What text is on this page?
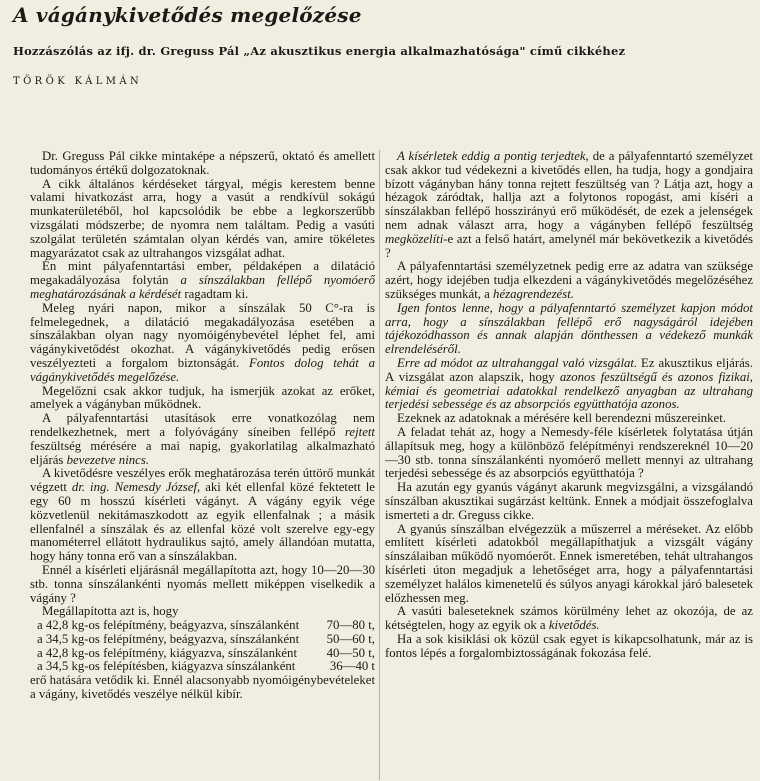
A vágánykivetődés megelőzése
Hozzászólás az ifj. dr. Greguss Pál „Az akusztikus energia alkalmazhatósága" című cikkéhez
TÖRÖK KÁLMÁN

Dr. Greguss Pál cikke mintaképe a népszerű, oktató és amellett tudományos értékű dolgozatoknak.

A cikk általános kérdéseket tárgyal, mégis kerestem benne valami hivatkozást arra, hogy a vasút a rendkívül sokágú munkaterületéből, hol kapcsolódik be ebbe a legkorszerűbb vizsgálati módszerbe; de nyomra nem találtam. Pedig a vasúti szolgálat területén számtalan olyan kérdés van, amire tökéletes magyarázatot csak az ultrahangos vizsgálat adhat.

Én mint pályafenntartási ember, példaképen a dilatáció megakadályozása folytán a sínszálakban fellépő nyomóerő meghatározásának a kérdését ragadtam ki.

Meleg nyári napon, mikor a sínszálak 50 C°-ra is felmelegednek, a dilatáció megakadályozása esetében a sínszálakban olyan nagy nyomóigénybevétel léphet fel, ami vágánykivetődést okozhat. A vágánykivetődés pedig erősen veszélyezteti a forgalom biztonságát. Fontos dolog tehát a vágánykivetődés megelőzése.

Megelőzni csak akkor tudjuk, ha ismerjük azokat az erőket, amelyek a vágányban működnek.

A pályafenntartási utasítások erre vonatkozólag nem rendelkezhetnek, mert a folyóvágány síneiben fellépő rejtett feszültség mérésére a mai napig, gyakorlatilag alkalmazható eljárás bevezetve nincs.

A kivetődésre veszélyes erők meghatározása terén úttörő munkát végzett dr. ing. Nemesdy József, aki két ellenfal közé fektetett le egy 60 m hosszú kísérleti vágányt. A vágány egyik vége közvetlenül nekitámaszkodott az egyik ellenfalnak ; a másik ellenfalnél a sínszálak és az ellenfal közé volt szerelve egy-egy manométerrel ellátott hydraulikus sajtó, amely állandóan mutatta, hogy hány tonna erő van a sínszálakban.

Ennél a kísérleti eljárásnál megállapította azt, hogy 10—20—30 stb. tonna sínszálankénti nyomás mellett miképpen viselkedik a vágány ?

Megállapította azt is, hogy

a 42,8 kg-os felépítmény, beágyazva, sínszálanként	70—80 t,
a 34,5 kg-os felépítmény, beágyazva, sínszálanként	50—60 t,
a 42,8 kg-os felépítmény, kiágyazva, sínszálanként	40—50 t,
a 34,5 kg-os felépítésben, kiágyazva sínszálanként	36—40 t

erő hatására vetődik ki. Ennél alacsonyabb nyomóigénybevételeket a vágány, kivetődés veszélye nélkül kibír.

A kísérletek eddig a pontig terjedtek, de a pályafenntartó személyzet csak akkor tud védekezni a kivetődés ellen, ha tudja, hogy a gondjaira bízott vágányban hány tonna rejtett feszültség van ? Látja azt, hogy a hézagok záródtak, hallja azt a folytonos ropogást, ami kíséri a sínszálakban fellépő hosszirányú erő működését, de ezek a jelenségek nem adnak választ arra, hogy a vágányben fellépő feszültség megközelíti-e azt a felső határt, amelynél már bekövetkezik a kivetődés ?

A pályafenntartási személyzetnek pedig erre az adatra van szüksége azért, hogy idejében tudja elkezdeni a vágánykivetődés megelőzéséhez szükséges munkát, a hézagrendezést.

Igen fontos lenne, hogy a pályafenntartó személyzet kapjon módot arra, hogy a sínszálakban fellépő erő nagyságáról idejében tájékozódhasson és annak alapján dönthessen a védekező munkák elrendeléséről.

Erre ad módot az ultrahanggal való vizsgálat. Ez akusztikus eljárás. A vizsgálat azon alapszik, hogy azonos feszültségű és azonos fizikai, kémiai és geometriai adatokkal rendelkező anyagban az ultrahang terjedési sebessége és az absorpciós együtthatója azonos.

Ezeknek az adatoknak a mérésére kell berendezni műszereinket.

A feladat tehát az, hogy a Nemesdy-féle kísérletek folytatása útján állapítsuk meg, hogy a különböző felépítményi rendszereknél 10—20—30 stb. tonna sínszálankénti nyomóerő mellett mennyi az ultrahang terjedési sebessége és az absorpciós együtthatója ?

Ha azután egy gyanús vágányt akarunk megvizsgálni, a vizsgálandó sínszálban akusztikai sugárzást keltünk. Ennek a módjait összefoglalva ismerteti a dr. Greguss cikke.

A gyanús sínszálban elvégezzük a műszerrel a méréseket. Az előbb említett kísérleti adatokból megállapíthatjuk a vizsgált vágány sínszálaiban működő nyomóerőt. Ennek ismeretében, tehát ultrahangos kísérleti úton megadjuk a lehetőséget arra, hogy a pályafenntartási személyzet halálos kimenetelű és súlyos anyagi károkkal járó balesetek előzhessen meg.

A vasúti baleseteknek számos körülmény lehet az okozója, de az kétségtelen, hogy az egyik ok a kivetődés.

Ha a sok kisiklási ok közül csak egyet is kikapcsolhatunk, már az is fontos lépés a forgalombiztosságának fokozása felé.
